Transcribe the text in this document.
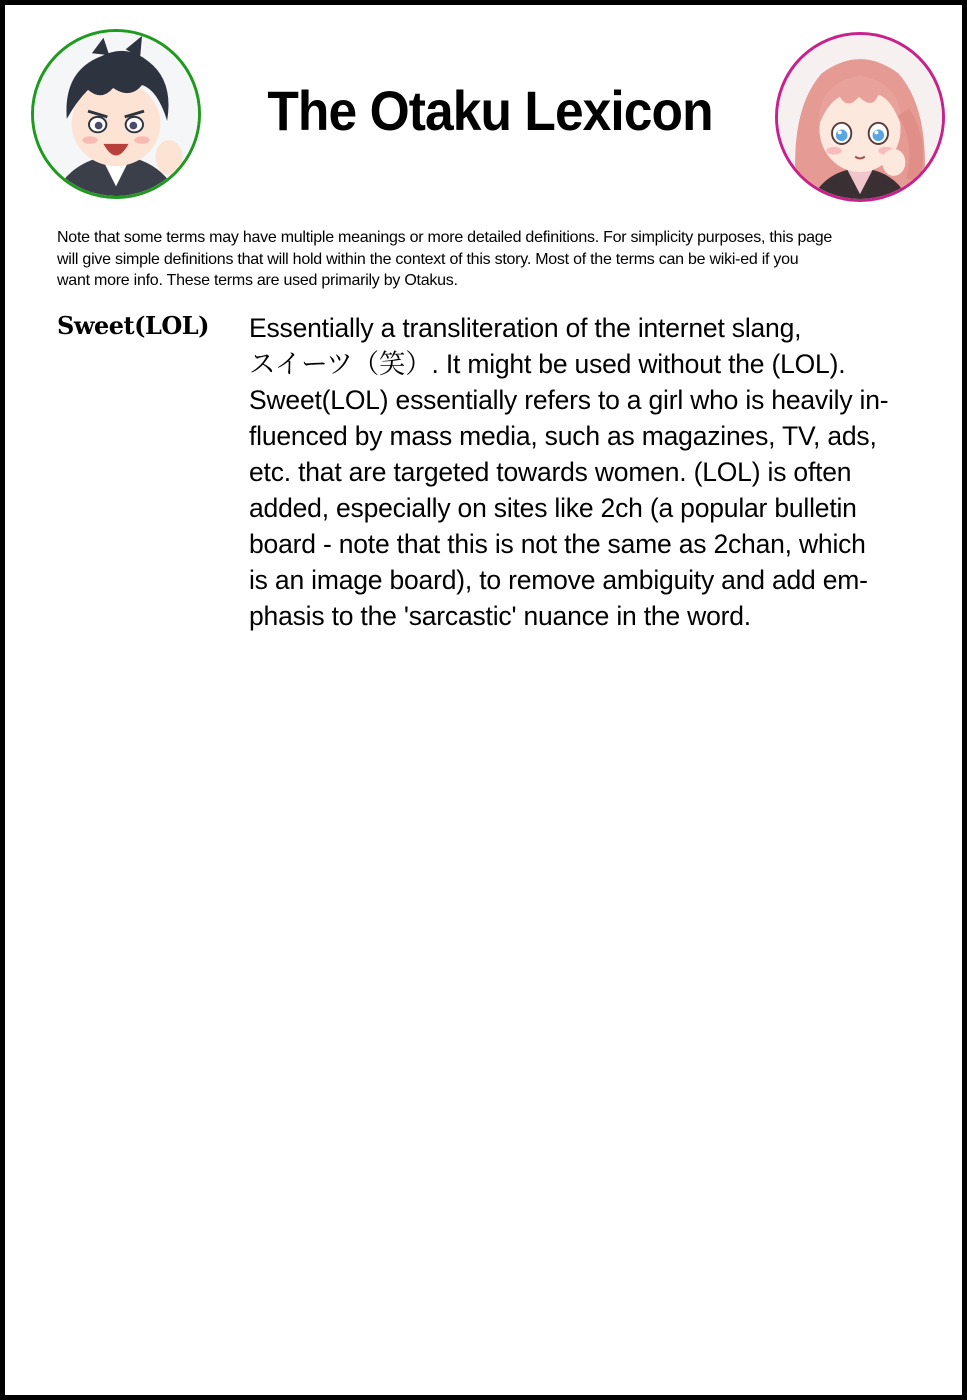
The Otaku Lexicon
Note that some terms may have multiple meanings or more detailed definitions. For simplicity purposes, this page
will give simple definitions that will hold within the context of this story. Most of the terms can be wiki-ed if you
want more info. These terms are used primarily by Otakus.
Sweet(LOL) Essentially a transliteration of the internet slang,
スイーツ（笑）. It might be used without the (LOL).
Sweet(LOL) essentially refers to a girl who is heavily in-
fluenced by mass media, such as magazines, TV, ads,
etc. that are targeted towards women. (LOL) is often
added, especially on sites like 2ch (a popular bulletin
board - note that this is not the same as 2chan, which
is an image board), to remove ambiguity and add em-
phasis to the 'sarcastic' nuance in the word.
